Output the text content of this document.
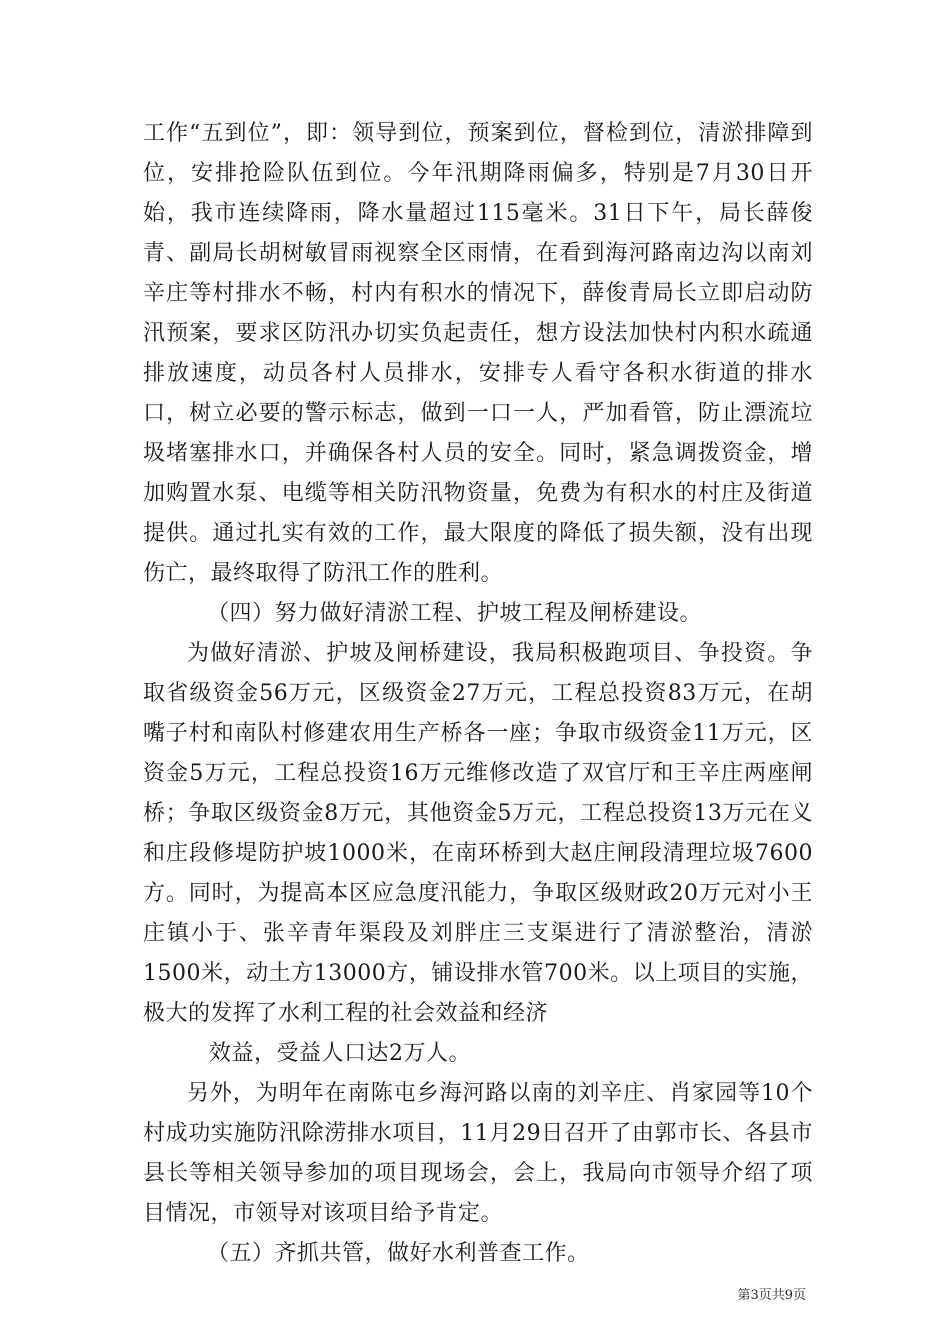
工作“五到位”，即：领导到位，预案到位，督检到位，清淤排障到位，安排抢险队伍到位。今年汛期降雨偏多，特别是7月30日开始，我市连续降雨，降水量超过115毫米。31日下午，局长薛俊青、副局长胡树敏冒雨视察全区雨情，在看到海河路南边沟以南刘辛庄等村排水不畅，村内有积水的情况下，薛俊青局长立即启动防汛预案，要求区防汛办切实负起责任，想方设法加快村内积水疏通排放速度，动员各村人员排水，安排专人看守各积水街道的排水口，树立必要的警示标志，做到一口一人，严加看管，防止漂流垃圾堵塞排水口，并确保各村人员的安全。同时，紧急调拨资金，增加购置水泵、电缆等相关防汛物资量，免费为有积水的村庄及街道提供。通过扎实有效的工作，最大限度的降低了损失额，没有出现伤亡，最终取得了防汛工作的胜利。

（四）努力做好清淤工程、护坡工程及闸桥建设。

为做好清淤、护坡及闸桥建设，我局积极跑项目、争投资。争取省级资金56万元，区级资金27万元，工程总投资83万元，在胡嘴子村和南队村修建农用生产桥各一座；争取市级资金11万元，区资金5万元，工程总投资16万元维修改造了双官厅和王辛庄两座闸桥；争取区级资金8万元，其他资金5万元，工程总投资13万元在义和庄段修堤防护坡1000米，在南环桥到大赵庄闸段清理垃圾7600方。同时，为提高本区应急度汛能力，争取区级财政20万元对小王庄镇小于、张辛青年渠段及刘胖庄三支渠进行了清淤整治，清淤1500米，动土方13000方，铺设排水管700米。以上项目的实施，极大的发挥了水利工程的社会效益和经济

效益，受益人口达2万人。

另外，为明年在南陈屯乡海河路以南的刘辛庄、肖家园等10个村成功实施防汛除涝排水项目，11月29日召开了由郭市长、各县市县长等相关领导参加的项目现场会，会上，我局向市领导介绍了项目情况，市领导对该项目给予肯定。

（五）齐抓共管，做好水利普查工作。

第3页共9页
